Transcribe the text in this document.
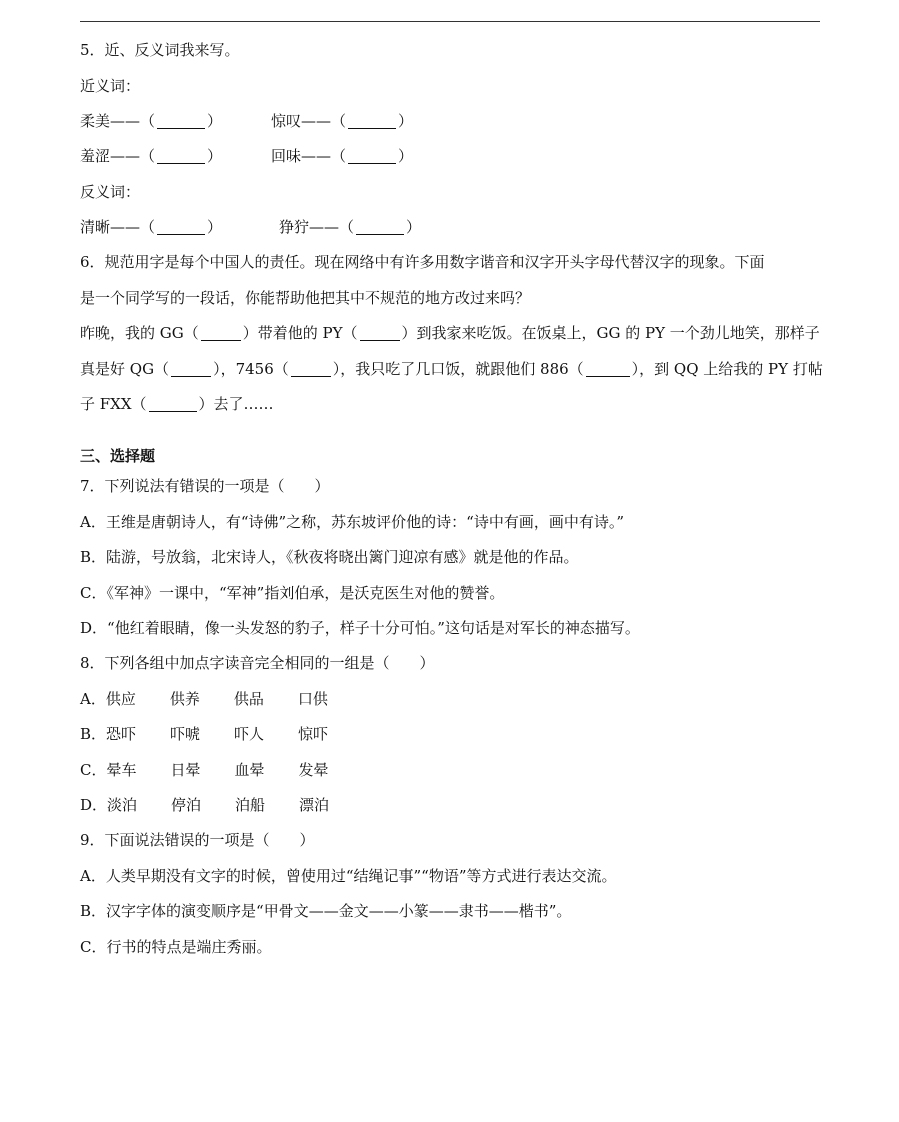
5．近、反义词我来写。
近义词：
柔美——（	）	惊叹——（	）
羞涩——（	）	回味——（	）
反义词：
清晰——（	）	狰狞——（	）
6．规范用字是每个中国人的责任。现在网络中有许多用数字谐音和汉字开头字母代替汉字的现象。下面
是一个同学写的一段话，你能帮助他把其中不规范的地方改过来吗？
昨晚，我的 GG（	）带着他的 PY（	）到我家来吃饭。在饭桌上，GG 的 PY 一个劲儿地笑，那样子
真是好 QG（	），7456（	），我只吃了几口饭，就跟他们 886（	），到 QQ 上给我的 PY 打帖
子 FXX（	）去了……
三、选择题
7．下列说法有错误的一项是（　　）
A．王维是唐朝诗人，有“诗佛”之称，苏东坡评价他的诗：“诗中有画，画中有诗。”
B．陆游，号放翁，北宋诗人，《秋夜将晓出篱门迎凉有感》就是他的作品。
C．《军神》一课中，“军神”指刘伯承，是沃克医生对他的赞誉。
D．“他红着眼睛，像一头发怒的豹子，样子十分可怕。”这句话是对军长的神态描写。
8．下列各组中加点字读音完全相同的一组是（　　）
A．供应 供养 供品 口供
B．恐吓 吓唬 吓人 惊吓
C．晕车 日晕 血晕 发晕
D．淡泊 停泊 泊船 漂泊
9．下面说法错误的一项是（　　）
A．人类早期没有文字的时候，曾使用过“结绳记事”“物语”等方式进行表达交流。
B．汉字字体的演变顺序是“甲骨文——金文——小篆——隶书——楷书”。
C．行书的特点是端庄秀丽。
